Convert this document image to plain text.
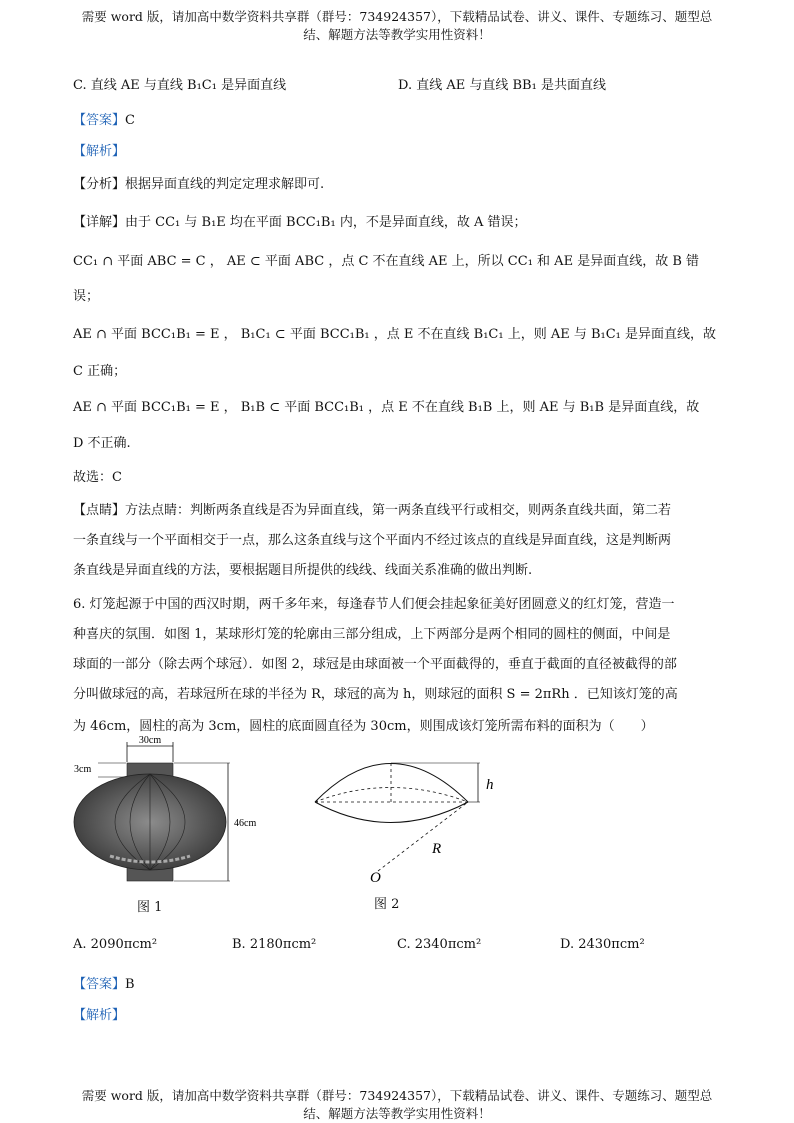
需要 word 版，请加高中数学资料共享群（群号：734924357），下载精品试卷、讲义、课件、专题练习、题型总
结、解题方法等教学实用性资料！
C. 直线 AE 与直线 B₁C₁ 是异面直线	D. 直线 AE 与直线 BB₁ 是共面直线
【答案】C
【解析】
【分析】根据异面直线的判定定理求解即可.
【详解】由于 CC₁ 与 B₁E 均在平面 BCC₁B₁ 内，不是异面直线，故 A 错误；
CC₁ ∩ 平面 ABC = C ， AE ⊂ 平面 ABC ，点 C 不在直线 AE 上，所以 CC₁ 和 AE 是异面直线，故 B 错
误；
AE ∩ 平面 BCC₁B₁ = E ， B₁C₁ ⊂ 平面 BCC₁B₁ ，点 E 不在直线 B₁C₁ 上，则 AE 与 B₁C₁ 是异面直线，故
C 正确；
AE ∩ 平面 BCC₁B₁ = E ， B₁B ⊂ 平面 BCC₁B₁ ，点 E 不在直线 B₁B 上，则 AE 与 B₁B 是异面直线，故
D 不正确.
故选：C
【点睛】方法点睛：判断两条直线是否为异面直线，第一两条直线平行或相交，则两条直线共面，第二若
一条直线与一个平面相交于一点，那么这条直线与这个平面内不经过该点的直线是异面直线，这是判断两
条直线是异面直线的方法，要根据题目所提供的线线、线面关系准确的做出判断.
6. 灯笼起源于中国的西汉时期，两千多年来，每逢春节人们便会挂起象征美好团圆意义的红灯笼，营造一
种喜庆的氛围．如图 1，某球形灯笼的轮廓由三部分组成，上下两部分是两个相同的圆柱的侧面，中间是
球面的一部分（除去两个球冠）．如图 2，球冠是由球面被一个平面截得的，垂直于截面的直径被截得的部
分叫做球冠的高，若球冠所在球的半径为 R，球冠的高为 h，则球冠的面积 S = 2πRh ．已知该灯笼的高
为 46cm，圆柱的高为 3cm，圆柱的底面圆直径为 30cm，则围成该灯笼所需布料的面积为（　　）
30cm
3cm
46cm
图 1
h
R
O
图 2
A. 2090πcm²	B. 2180πcm²	C. 2340πcm²	D. 2430πcm²
【答案】B
【解析】
需要 word 版，请加高中数学资料共享群（群号：734924357），下载精品试卷、讲义、课件、专题练习、题型总
结、解题方法等教学实用性资料！
